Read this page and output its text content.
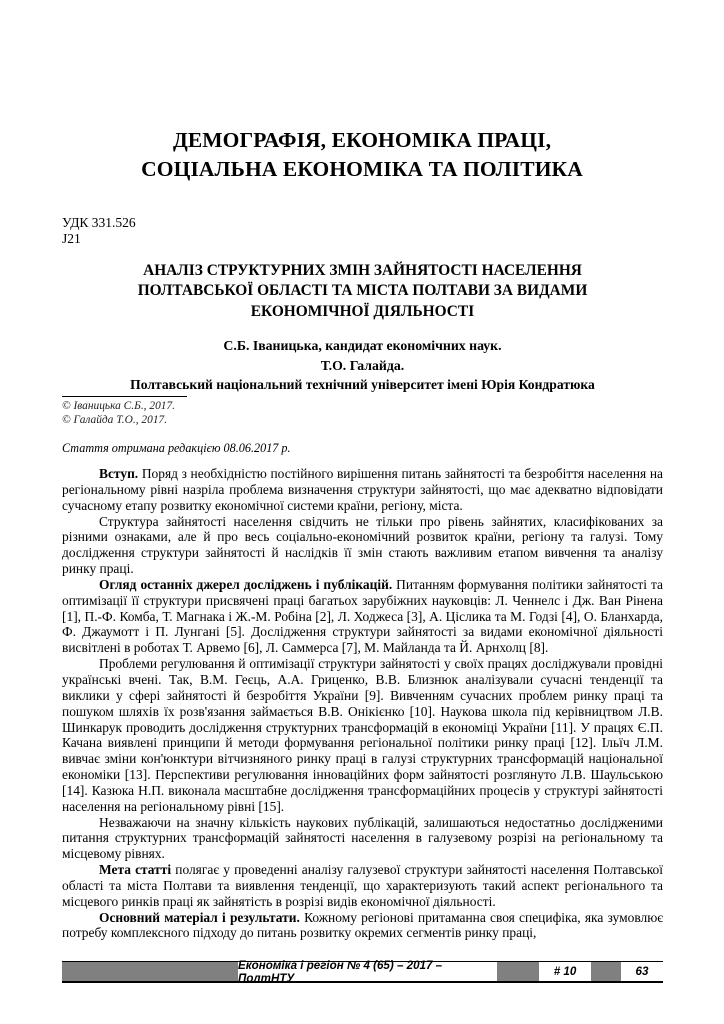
ДЕМОГРАФІЯ, ЕКОНОМІКА ПРАЦІ,
СОЦІАЛЬНА ЕКОНОМІКА ТА ПОЛІТИКА
УДК 331.526
J21
АНАЛІЗ СТРУКТУРНИХ ЗМІН ЗАЙНЯТОСТІ НАСЕЛЕННЯ
ПОЛТАВСЬКОЇ ОБЛАСТІ ТА МІСТА ПОЛТАВИ ЗА ВИДАМИ
ЕКОНОМІЧНОЇ ДІЯЛЬНОСТІ
С.Б. Іваницька, кандидат економічних наук.
Т.О. Галайда.
Полтавський національний технічний університет імені Юрія Кондратюка
© Іваницька С.Б., 2017.
© Галайда Т.О., 2017.
Стаття отримана редакцією 08.06.2017 р.

Вступ. Поряд з необхідністю постійного вирішення питань зайнятості та безробіття населення на регіональному рівні назріла проблема визначення структури зайнятості, що має адекватно відповідати сучасному етапу розвитку економічної системи країни, регіону, міста.

Структура зайнятості населення свідчить не тільки про рівень зайнятих, класифікованих за різними ознаками, але й про весь соціально-економічний розвиток країни, регіону та галузі. Тому дослідження структури зайнятості й наслідків її змін стають важливим етапом вивчення та аналізу ринку праці.

Огляд останніх джерел досліджень і публікацій. Питанням формування політики зайнятості та оптимізації її структури присвячені праці багатьох зарубіжних науковців: Л. Ченнелс і Дж. Ван Рінена [1], П.-Ф. Комба, Т. Магнака і Ж.-М. Робіна [2], Л. Ходжеса [3], А. Ціслика та М. Годзі [4], О. Бланхарда, Ф. Джаумотт і П. Лунгані [5]. Дослідження структури зайнятості за видами економічної діяльності висвітлені в роботах Т. Арвемо [6], Л. Саммерса [7], М. Майланда та Й. Арнхолц [8].

Проблеми регулювання й оптимізації структури зайнятості у своїх працях досліджували провідні українські вчені. Так, В.М. Геєць, А.А. Гриценко, В.В. Близнюк аналізували сучасні тенденції та виклики у сфері зайнятості й безробіття України [9]. Вивченням сучасних проблем ринку праці та пошуком шляхів їх розв'язання займається В.В. Онікієнко [10]. Наукова школа під керівництвом Л.В. Шинкарук проводить дослідження структурних трансформацій в економіці України [11]. У працях Є.П. Качана виявлені принципи й методи формування регіональної політики ринку праці [12]. Ільїч Л.М. вивчає зміни кон'юнктури вітчизняного ринку праці в галузі структурних трансформацій національної економіки [13]. Перспективи регулювання інноваційних форм зайнятості розглянуто Л.В. Шаульською [14]. Казюка Н.П. виконала масштабне дослідження трансформаційних процесів у структурі зайнятості населення на регіональному рівні [15].

Незважаючи на значну кількість наукових публікацій, залишаються недостатньо дослідженими питання структурних трансформацій зайнятості населення в галузевому розрізі на регіональному та місцевому рівнях.

Мета статті полягає у проведенні аналізу галузевої структури зайнятості населення Полтавської області та міста Полтави та виявлення тенденції, що характеризують такий аспект регіонального та місцевого ринків праці як зайнятість в розрізі видів економічної діяльності.

Основний матеріал і результати. Кожному регіонові притаманна своя специфіка, яка зумовлює потребу комплексного підходу до питань розвитку окремих сегментів ринку праці,

Економіка і регіон № 4 (65) – 2017 – ПолтНТУ	# 10	63
